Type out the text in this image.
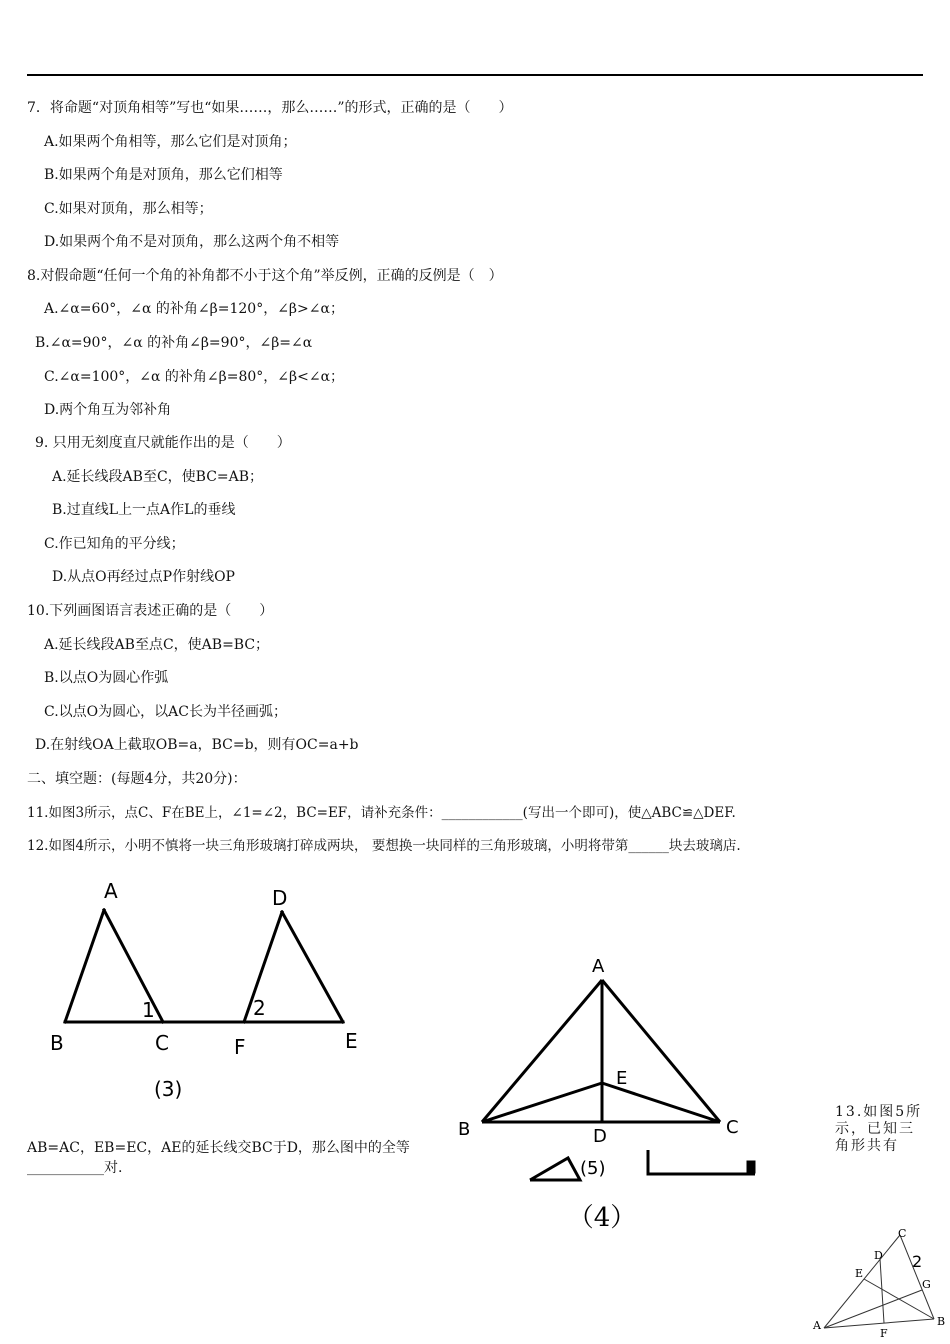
7．将命题“对顶角相等”写也“如果……，那么……”的形式，正确的是（　　）
A.如果两个角相等，那么它们是对顶角；
B.如果两个角是对顶角，那么它们相等
C.如果对顶角，那么相等；
D.如果两个角不是对顶角，那么这两个角不相等
8.对假命题“任何一个角的补角都不小于这个角”举反例，正确的反例是（　）
A.∠α=60°，∠α 的补角∠β=120°，∠β>∠α；
B.∠α=90°，∠α 的补角∠β=90°，∠β=∠α
C.∠α=100°，∠α 的补角∠β=80°，∠β<∠α；
D.两个角互为邻补角
9. 只用无刻度直尺就能作出的是（　　）
A.延长线段AB至C，使BC=AB；
B.过直线L上一点A作L的垂线
C.作已知角的平分线；
D.从点O再经过点P作射线OP
10.下列画图语言表述正确的是（　　）
A.延长线段AB至点C，使AB=BC；
B.以点O为圆心作弧
C.以点O为圆心，以AC长为半径画弧；
D.在射线OA上截取OB=a，BC=b，则有OC=a+b
二、填空题：(每题4分，共20分)：
11.如图3所示，点C、F在BE上，∠1=∠2，BC=EF，请补充条件：____________(写出一个即可)，使△ABC≌△DEF.
12.如图4所示，小明不慎将一块三角形玻璃打碎成两块， 要想换一块同样的三角形玻璃，小明将带第______块去玻璃店.
A
B	C
1
D
E
F
2
(3)
A
B	C
D
E
(5)
（4）
AB=AC，EB=EC，AE的延长线交BC于D，那么图中的全等
___________对.
13.如图5所示，已知三角形共有
A	B
C
D
E
F
G
2
